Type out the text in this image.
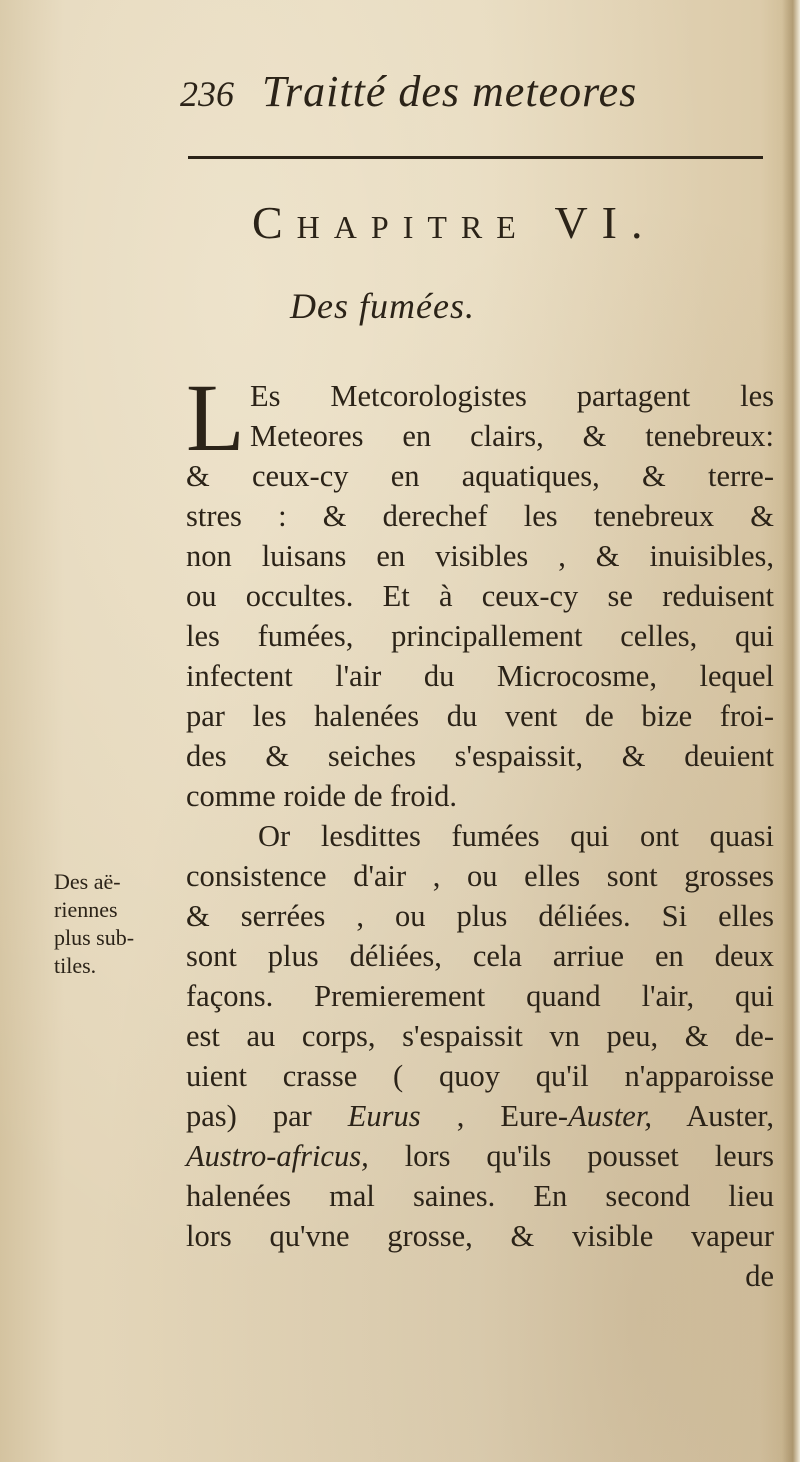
236 Traitté des meteores
Chapitre VI.
Des fumées.
L Es Metcorologistes partagent les
Meteores en clairs, & tenebreux:
& ceux-cy en aquatiques, & terre-
stres : & derechef les tenebreux &
non luisans en visibles , & inuisibles,
ou occultes. Et à ceux-cy se reduisent
les fumées, principallement celles, qui
infectent l'air du Microcosme, lequel
par les halenées du vent de bize froi-
des & seiches s'espaissit, & deuient
comme roide de froid.
Or lesdittes fumées qui ont quasi
consistence d'air , ou elles sont grosses
& serrées , ou plus déliées. Si elles
sont plus déliées, cela arriue en deux
façons. Premierement quand l'air, qui
est au corps, s'espaissit vn peu, & de-
uient crasse ( quoy qu'il n'apparoisse
pas) par Eurus , Eure-Auster, Auster,
Austro-africus, lors qu'ils pousset leurs
halenées mal saines. En second lieu
lors qu'vne grosse, & visible vapeur
de
Des aë-
riennes
plus sub-
tiles.
